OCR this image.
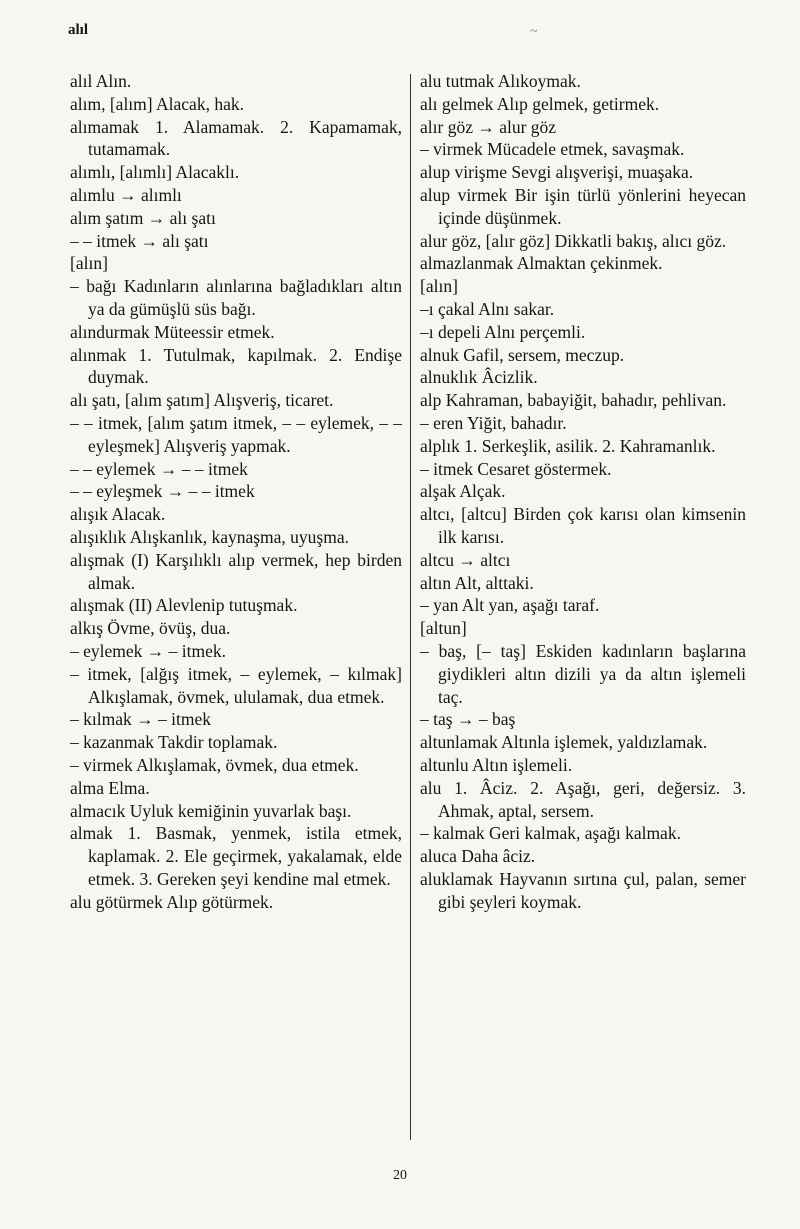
alıl	~
alıl Alın.
alım, [alım] Alacak, hak.
alımamak 1. Alamamak. 2. Kapamamak, tutamamak.
alımlı, [alımlı] Alacaklı.
alımlu → alımlı
alım şatım → alı şatı
– – itmek → alı şatı
[alın]
– bağı Kadınların alınlarına bağladıkları altın ya da gümüşlü süs bağı.
alındurmak Müteessir etmek.
alınmak 1. Tutulmak, kapılmak. 2. Endişe duymak.
alı şatı, [alım şatım] Alışveriş, ticaret.
– – itmek, [alım şatım itmek, – – eylemek, – – eyleşmek] Alışveriş yapmak.
– – eylemek → – – itmek
– – eyleşmek → – – itmek
alışık Alacak.
alışıklık Alışkanlık, kaynaşma, uyuşma.
alışmak (I) Karşılıklı alıp vermek, hep birden almak.
alışmak (II) Alevlenip tutuşmak.
alkış Övme, övüş, dua.
– eylemek → – itmek.
– itmek, [alğış itmek, – eylemek, – kılmak] Alkışlamak, övmek, ululamak, dua etmek.
– kılmak → – itmek
– kazanmak Takdir toplamak.
– virmek Alkışlamak, övmek, dua etmek.
alma Elma.
almacık Uyluk kemiğinin yuvarlak başı.
almak 1. Basmak, yenmek, istila etmek, kaplamak. 2. Ele geçirmek, yakalamak, elde etmek. 3. Gereken şeyi kendine mal etmek.
alu götürmek Alıp götürmek.
alu tutmak Alıkoymak.
alı gelmek Alıp gelmek, getirmek.
alır göz → alur göz
– virmek Mücadele etmek, savaşmak.
alup virişme Sevgi alışverişi, muaşaka.
alup virmek Bir işin türlü yönlerini heyecan içinde düşünmek.
alur göz, [alır göz] Dikkatli bakış, alıcı göz.
almazlanmak Almaktan çekinmek.
[alın]
–ı çakal Alnı sakar.
–ı depeli Alnı perçemli.
alnuk Gafil, sersem, meczup.
alnuklık Âcizlik.
alp Kahraman, babayiğit, bahadır, pehlivan.
– eren Yiğit, bahadır.
alplık 1. Serkeşlik, asilik. 2. Kahramanlık.
– itmek Cesaret göstermek.
alşak Alçak.
altcı, [altcu] Birden çok karısı olan kimsenin ilk karısı.
altcu → altcı
altın Alt, alttaki.
– yan Alt yan, aşağı taraf.
[altun]
– baş, [– taş] Eskiden kadınların başlarına giydikleri altın dizili ya da altın işlemeli taç.
– taş → – baş
altunlamak Altınla işlemek, yaldızlamak.
altunlu Altın işlemeli.
alu 1. Âciz. 2. Aşağı, geri, değersiz. 3. Ahmak, aptal, sersem.
– kalmak Geri kalmak, aşağı kalmak.
aluca Daha âciz.
aluklamak Hayvanın sırtına çul, palan, semer gibi şeyleri koymak.
20
